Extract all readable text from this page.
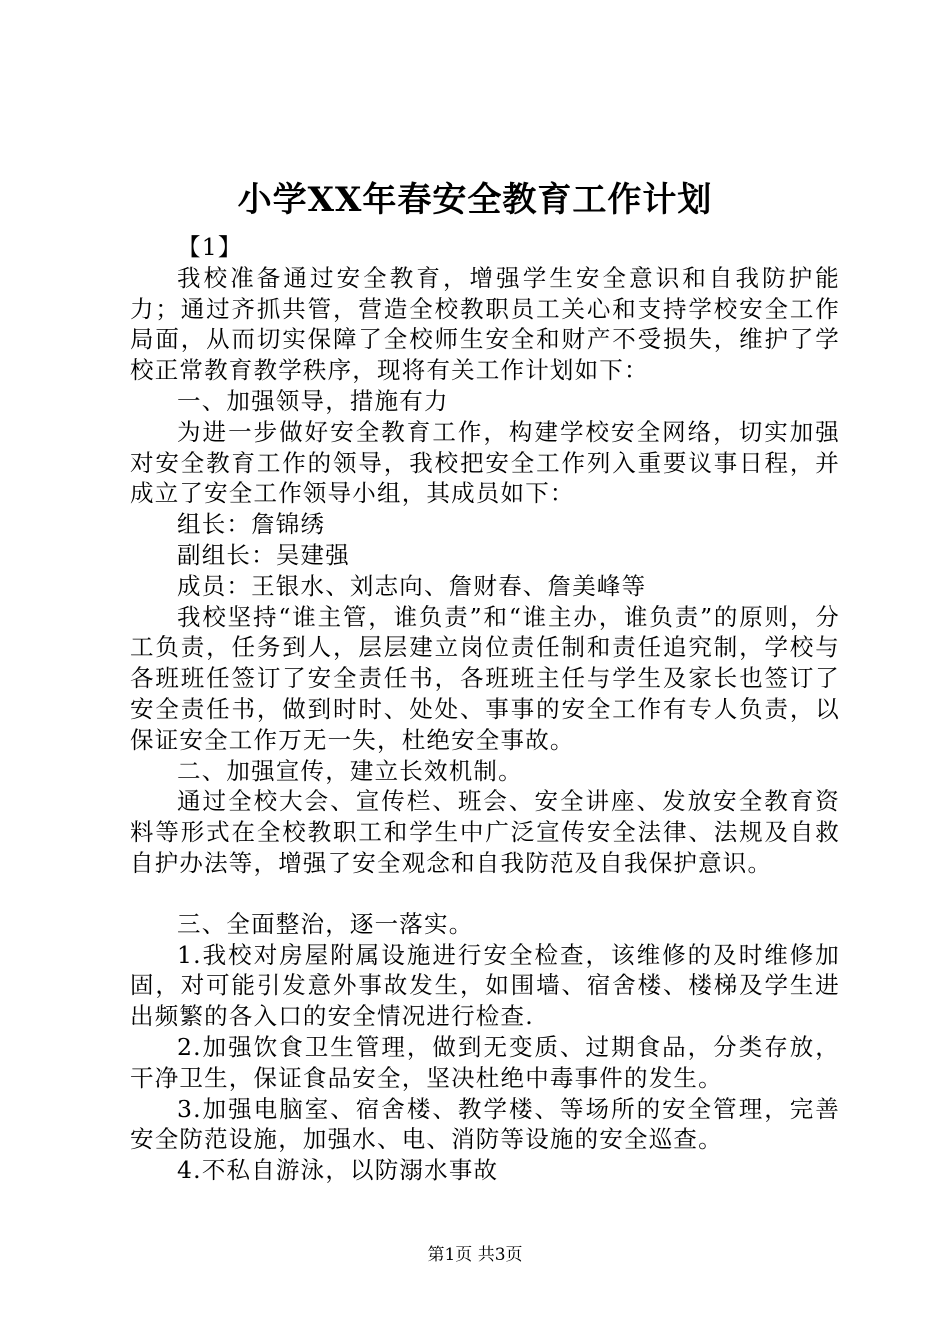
小学XX年春安全教育工作计划

【1】

我校准备通过安全教育，增强学生安全意识和自我防护能力；通过齐抓共管，营造全校教职员工关心和支持学校安全工作局面，从而切实保障了全校师生安全和财产不受损失，维护了学校正常教育教学秩序，现将有关工作计划如下：

一、加强领导，措施有力

为进一步做好安全教育工作，构建学校安全网络，切实加强对安全教育工作的领导，我校把安全工作列入重要议事日程，并成立了安全工作领导小组，其成员如下：

组长：詹锦绣

副组长：吴建强

成员：王银水、刘志向、詹财春、詹美峰等

我校坚持“谁主管，谁负责”和“谁主办，谁负责”的原则，分工负责，任务到人，层层建立岗位责任制和责任追究制，学校与各班班任签订了安全责任书，各班班主任与学生及家长也签订了安全责任书，做到时时、处处、事事的安全工作有专人负责，以保证安全工作万无一失，杜绝安全事故。

二、加强宣传，建立长效机制。

通过全校大会、宣传栏、班会、安全讲座、发放安全教育资料等形式在全校教职工和学生中广泛宣传安全法律、法规及自救自护办法等，增强了安全观念和自我防范及自我保护意识。

三、全面整治，逐一落实。

1.我校对房屋附属设施进行安全检查，该维修的及时维修加固，对可能引发意外事故发生，如围墙、宿舍楼、楼梯及学生进出频繁的各入口的安全情况进行检查.

2.加强饮食卫生管理，做到无变质、过期食品，分类存放，干净卫生，保证食品安全，坚决杜绝中毒事件的发生。

3.加强电脑室、宿舍楼、教学楼、等场所的安全管理，完善安全防范设施，加强水、电、消防等设施的安全巡查。

4.不私自游泳，以防溺水事故

第1页 共3页
